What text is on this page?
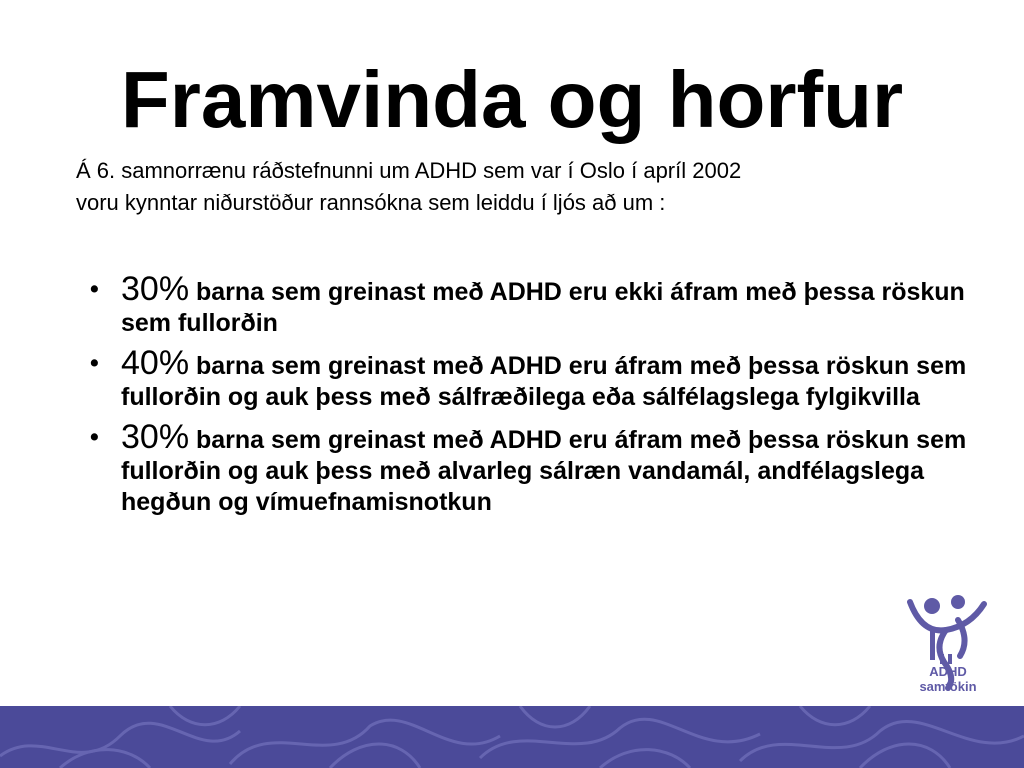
Framvinda og horfur
Á 6. samnorrænu ráðstefnunni um ADHD sem var í Oslo í apríl 2002
voru kynntar niðurstöður rannsókna sem leiddu í ljós að um :
• 30% barna sem greinast með ADHD eru ekki áfram með þessa röskun sem fullorðin
• 40% barna sem greinast með ADHD eru áfram með þessa röskun sem fullorðin og auk þess með sálfræðilega eða sálfélagslega fylgikvilla
• 30% barna sem greinast með ADHD eru áfram með þessa röskun sem fullorðin og auk þess með alvarleg sálræn vandamál, andfélagslega hegðun og vímuefnamisnotkun
ADHD
samtökin
